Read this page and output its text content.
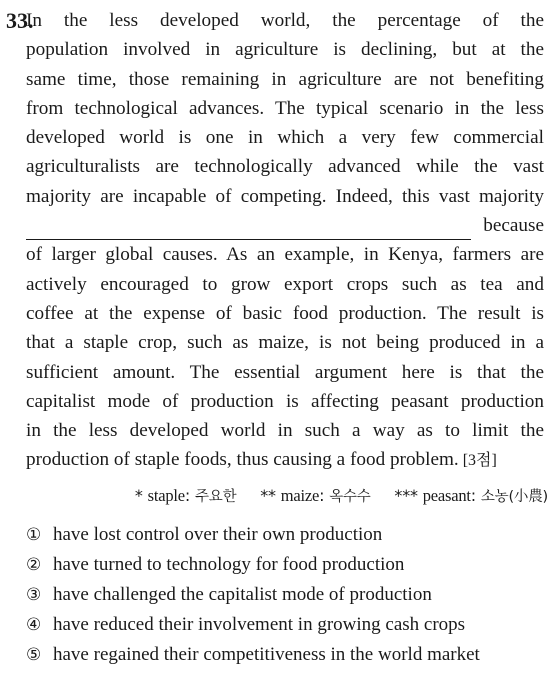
33.
In the less developed world, the percentage of the
population involved in agriculture is declining, but at the
same time, those remaining in agriculture are not benefiting
from technological advances. The typical scenario in the less
developed world is one in which a very few commercial
agriculturalists are technologically advanced while the vast
majority are incapable of competing. Indeed, this vast majority
because
of larger global causes. As an example, in Kenya, farmers are
actively encouraged to grow export crops such as tea and
coffee at the expense of basic food production. The result is
that a staple crop, such as maize, is not being produced in a
sufficient amount. The essential argument here is that the
capitalist mode of production is affecting peasant production
in the less developed world in such a way as to limit the
production of staple foods, thus causing a food problem. [3점]
* staple: 주요한 ** maize: 옥수수 *** peasant: 소농(小農)
① have lost control over their own production
② have turned to technology for food production
③ have challenged the capitalist mode of production
④ have reduced their involvement in growing cash crops
⑤ have regained their competitiveness in the world market
